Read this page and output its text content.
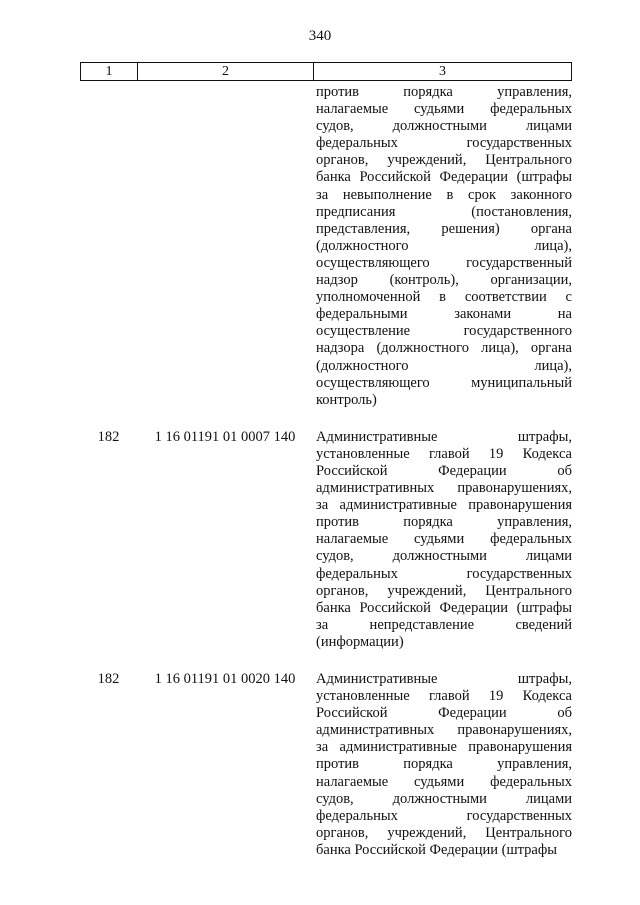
340
1	2	3
против порядка управления,
налагаемые судьями федеральных
судов, должностными лицами
федеральных государственных
органов, учреждений, Центрального
банка Российской Федерации (штрафы
за невыполнение в срок законного
предписания (постановления,
представления, решения) органа
(должностного лица),
осуществляющего государственный
надзор (контроль), организации,
уполномоченной в соответствии с
федеральными законами на
осуществление государственного
надзора (должностного лица), органа
(должностного лица),
осуществляющего муниципальный
контроль)
182	1 16 01191 01 0007 140	Административные штрафы,
установленные главой 19 Кодекса
Российской Федерации об
административных правонарушениях,
за административные правонарушения
против порядка управления,
налагаемые судьями федеральных
судов, должностными лицами
федеральных государственных
органов, учреждений, Центрального
банка Российской Федерации (штрафы
за непредставление сведений
(информации)
182	1 16 01191 01 0020 140	Административные штрафы,
установленные главой 19 Кодекса
Российской Федерации об
административных правонарушениях,
за административные правонарушения
против порядка управления,
налагаемые судьями федеральных
судов, должностными лицами
федеральных государственных
органов, учреждений, Центрального
банка Российской Федерации (штрафы
